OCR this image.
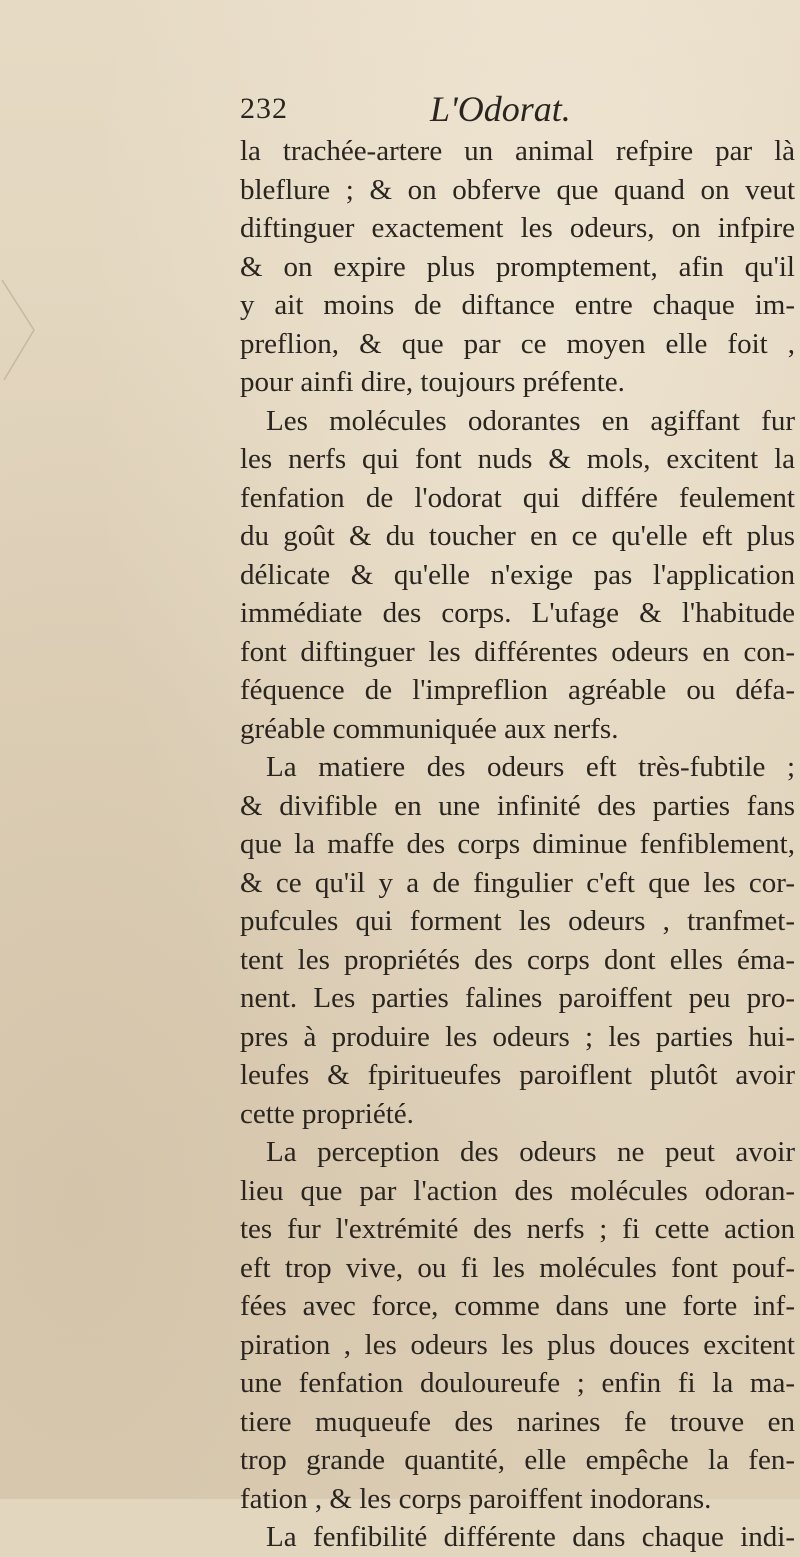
232	L'Odorat.
la trachée-artere un animal refpire par là
bleflure ; & on obferve que quand on veut
diftinguer exactement les odeurs, on infpire
& on expire plus promptement, afin qu'il
y ait moins de diftance entre chaque im-
preflion, & que par ce moyen elle foit ,
pour ainfi dire, toujours préfente.
Les molécules odorantes en agiffant fur
les nerfs qui font nuds & mols, excitent la
fenfation de l'odorat qui différe feulement
du goût & du toucher en ce qu'elle eft plus
délicate & qu'elle n'exige pas l'application
immédiate des corps. L'ufage & l'habitude
font diftinguer les différentes odeurs en con-
féquence de l'impreflion agréable ou défa-
gréable communiquée aux nerfs.
La matiere des odeurs eft très-fubtile ;
& divifible en une infinité des parties fans
que la maffe des corps diminue fenfiblement,
& ce qu'il y a de fingulier c'eft que les cor-
pufcules qui forment les odeurs , tranfmet-
tent les propriétés des corps dont elles éma-
nent. Les parties falines paroiffent peu pro-
pres à produire les odeurs ; les parties hui-
leufes & fpiritueufes paroiflent plutôt avoir
cette propriété.
La perception des odeurs ne peut avoir
lieu que par l'action des molécules odoran-
tes fur l'extrémité des nerfs ; fi cette action
eft trop vive, ou fi les molécules font pouf-
fées avec force, comme dans une forte inf-
piration , les odeurs les plus douces excitent
une fenfation douloureufe ; enfin fi la ma-
tiere muqueufe des narines fe trouve en
trop grande quantité, elle empêche la fen-
fation , & les corps paroiffent inodorans.
La fenfibilité différente dans chaque indi-
